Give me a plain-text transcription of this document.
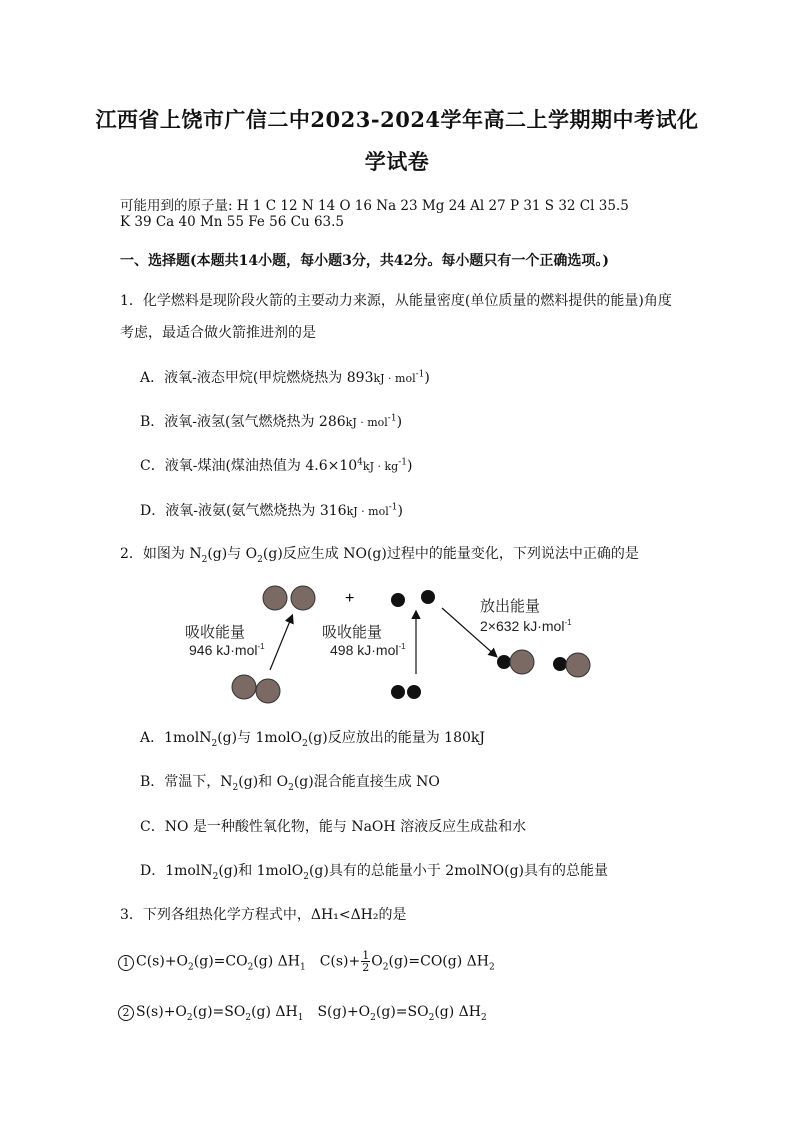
江西省上饶市广信二中2023-2024学年高二上学期期中考试化
学试卷
可能用到的原子量: H 1 C 12 N 14 O 16 Na 23 Mg 24 Al 27 P 31 S 32 Cl 35.5
K 39 Ca 40 Mn 55 Fe 56 Cu 63.5
一、选择题(本题共14小题，每小题3分，共42分。每小题只有一个正确选项。)
1．化学燃料是现阶段火箭的主要动力来源，从能量密度(单位质量的燃料提供的能量)角度
考虑，最适合做火箭推进剂的是
A．液氧-液态甲烷(甲烷燃烧热为 893kJ · mol$^{-1}$)
B．液氧-液氢(氢气燃烧热为 286kJ · mol$^{-1}$)
C．液氧-煤油(煤油热值为 $4.6\times 10^4kJ \cdot kg^{-1}$)
D．液氧-液氨(氨气燃烧热为 316kJ · mol$^{-1}$)
2．如图为 $N_2(g)$与 $O_2(g)$反应生成 NO(g)过程中的能量变化，下列说法中正确的是
+
吸收能量
946 kJ·mol$^{-1}$
吸收能量
498 kJ·mol$^{-1}$
放出能量
2×632 kJ·mol$^{-1}$
A．1molN$_2$(g)与 1molO$_2$(g)反应放出的能量为 180kJ
B．常温下，$N_2(g)$和 $O_2(g)$混合能直接生成 NO
C．NO 是一种酸性氧化物，能与 NaOH 溶液反应生成盐和水
D．1molN$_2$(g)和 1molO$_2$(g)具有的总能量小于 2molNO(g)具有的总能量
3．下列各组热化学方程式中，ΔH₁<ΔH₂的是
1 $C(s)+O_2(g)=CO_2(g)$ $\Delta H_1$ $C(s)+ \frac{1}{2} O_2(g)=CO(g)$ $\Delta H_2$
2 $S(s)+O_2(g)=SO_2(g)$ $\Delta H_1$ $S(g)+O_2(g)=SO_2(g)$ $\Delta H_2$
